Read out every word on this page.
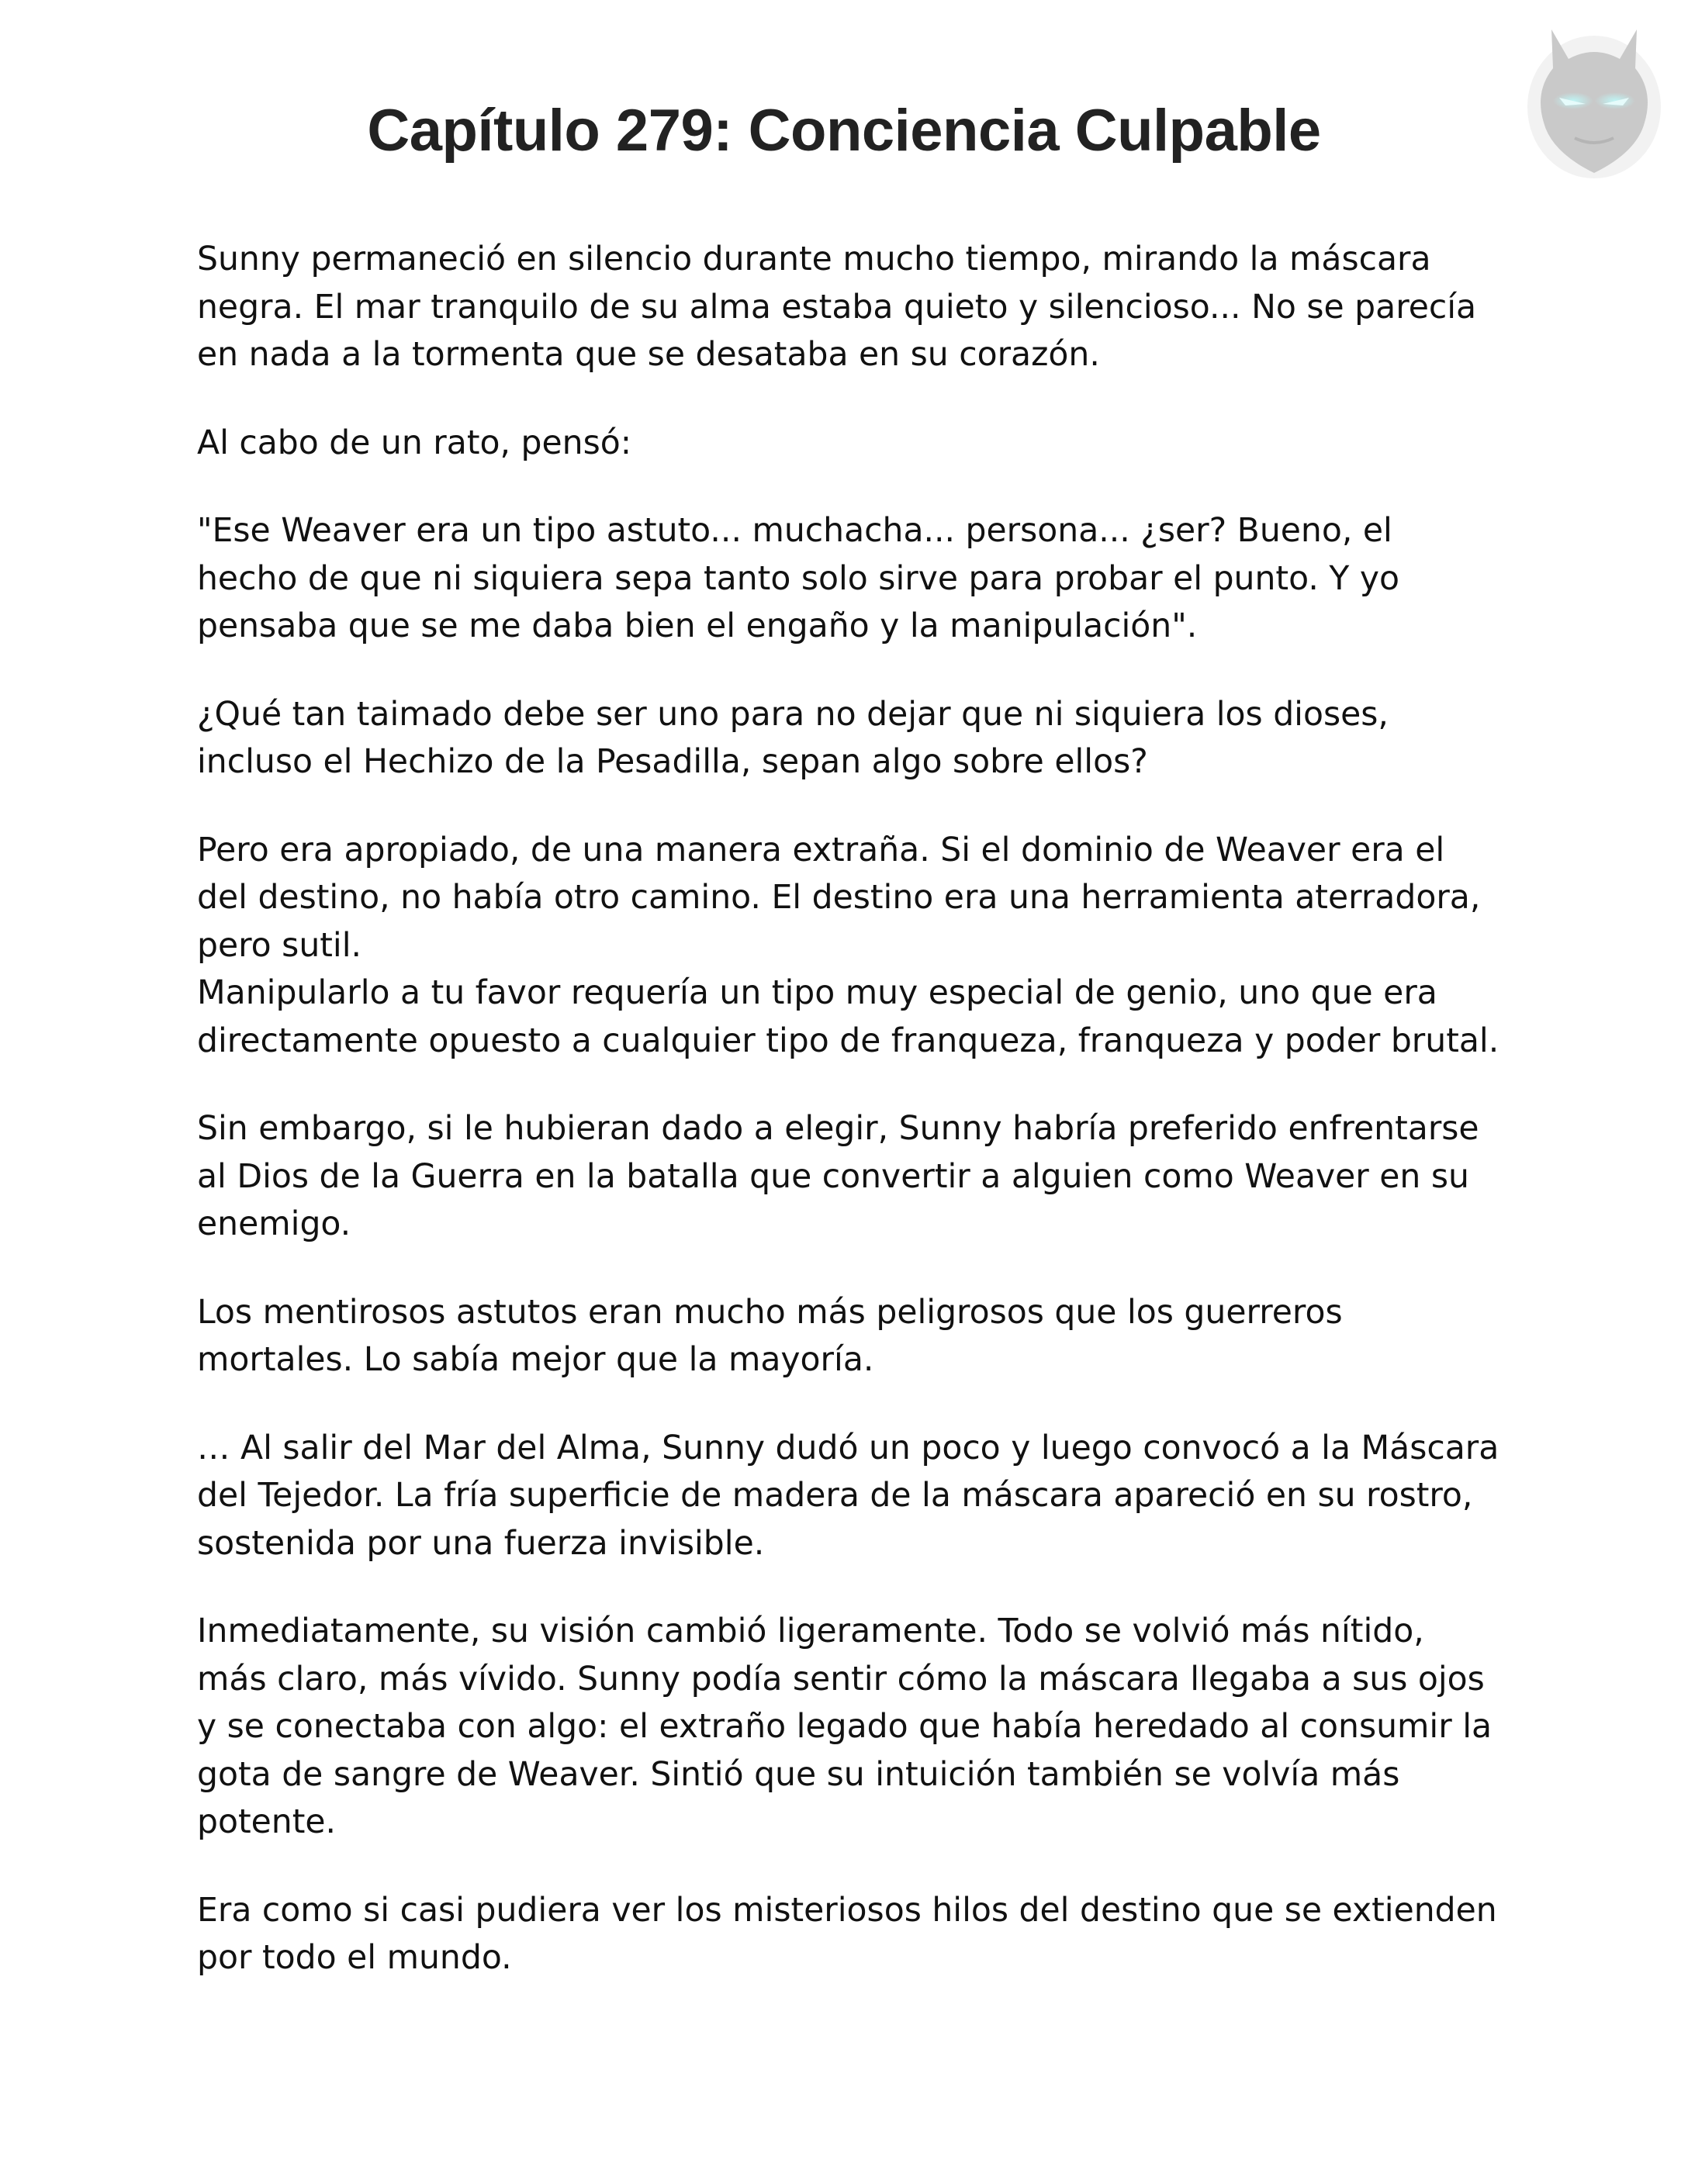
Capítulo 279: Conciencia Culpable

Sunny permaneció en silencio durante mucho tiempo, mirando la máscara negra. El mar tranquilo de su alma estaba quieto y silencioso... No se parecía en nada a la tormenta que se desataba en su corazón.

Al cabo de un rato, pensó:

"Ese Weaver era un tipo astuto... muchacha... persona... ¿ser? Bueno, el hecho de que ni siquiera sepa tanto solo sirve para probar el punto. Y yo pensaba que se me daba bien el engaño y la manipulación".

¿Qué tan taimado debe ser uno para no dejar que ni siquiera los dioses, incluso el Hechizo de la Pesadilla, sepan algo sobre ellos?

Pero era apropiado, de una manera extraña. Si el dominio de Weaver era el del destino, no había otro camino. El destino era una herramienta aterradora, pero sutil.
Manipularlo a tu favor requería un tipo muy especial de genio, uno que era directamente opuesto a cualquier tipo de franqueza, franqueza y poder brutal.

Sin embargo, si le hubieran dado a elegir, Sunny habría preferido enfrentarse al Dios de la Guerra en la batalla que convertir a alguien como Weaver en su enemigo.

Los mentirosos astutos eran mucho más peligrosos que los guerreros mortales. Lo sabía mejor que la mayoría.

… Al salir del Mar del Alma, Sunny dudó un poco y luego convocó a la Máscara del Tejedor. La fría superficie de madera de la máscara apareció en su rostro, sostenida por una fuerza invisible.

Inmediatamente, su visión cambió ligeramente. Todo se volvió más nítido, más claro, más vívido. Sunny podía sentir cómo la máscara llegaba a sus ojos y se conectaba con algo: el extraño legado que había heredado al consumir la gota de sangre de Weaver. Sintió que su intuición también se volvía más potente.

Era como si casi pudiera ver los misteriosos hilos del destino que se extienden por todo el mundo.
